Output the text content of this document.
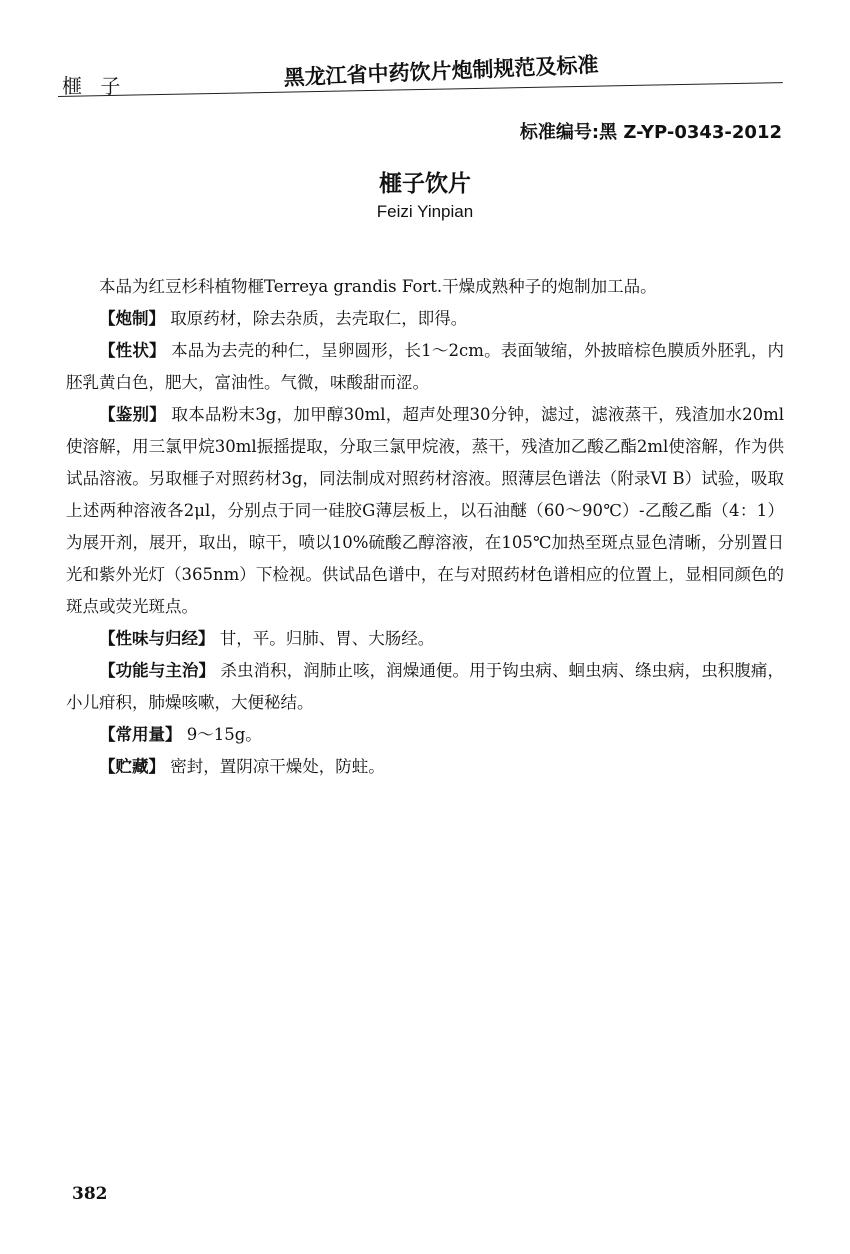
榧 子	黑龙江省中药饮片炮制规范及标准
标准编号:黑 Z-YP-0343-2012
榧子饮片
Feizi Yinpian

本品为红豆杉科植物榧Terreya grandis Fort.干燥成熟种子的炮制加工品。

【炮制】 取原药材，除去杂质，去壳取仁，即得。

【性状】 本品为去壳的种仁，呈卵圆形，长1～2cm。表面皱缩，外披暗棕色膜质外胚乳，内胚乳黄白色，肥大，富油性。气微，味酸甜而涩。

【鉴别】 取本品粉末3g，加甲醇30ml，超声处理30分钟，滤过，滤液蒸干，残渣加水20ml使溶解，用三氯甲烷30ml振摇提取，分取三氯甲烷液，蒸干，残渣加乙酸乙酯2ml使溶解，作为供试品溶液。另取榧子对照药材3g，同法制成对照药材溶液。照薄层色谱法（附录Ⅵ B）试验，吸取上述两种溶液各2μl，分别点于同一硅胶G薄层板上，以石油醚（60～90℃）-乙酸乙酯（4：1）为展开剂，展开，取出，晾干，喷以10%硫酸乙醇溶液，在105℃加热至斑点显色清晰，分别置日光和紫外光灯（365nm）下检视。供试品色谱中，在与对照药材色谱相应的位置上，显相同颜色的斑点或荧光斑点。

【性味与归经】 甘，平。归肺、胃、大肠经。

【功能与主治】 杀虫消积，润肺止咳，润燥通便。用于钩虫病、蛔虫病、绦虫病，虫积腹痛，小儿疳积，肺燥咳嗽，大便秘结。

【常用量】 9～15g。

【贮藏】 密封，置阴凉干燥处，防蛀。

382
